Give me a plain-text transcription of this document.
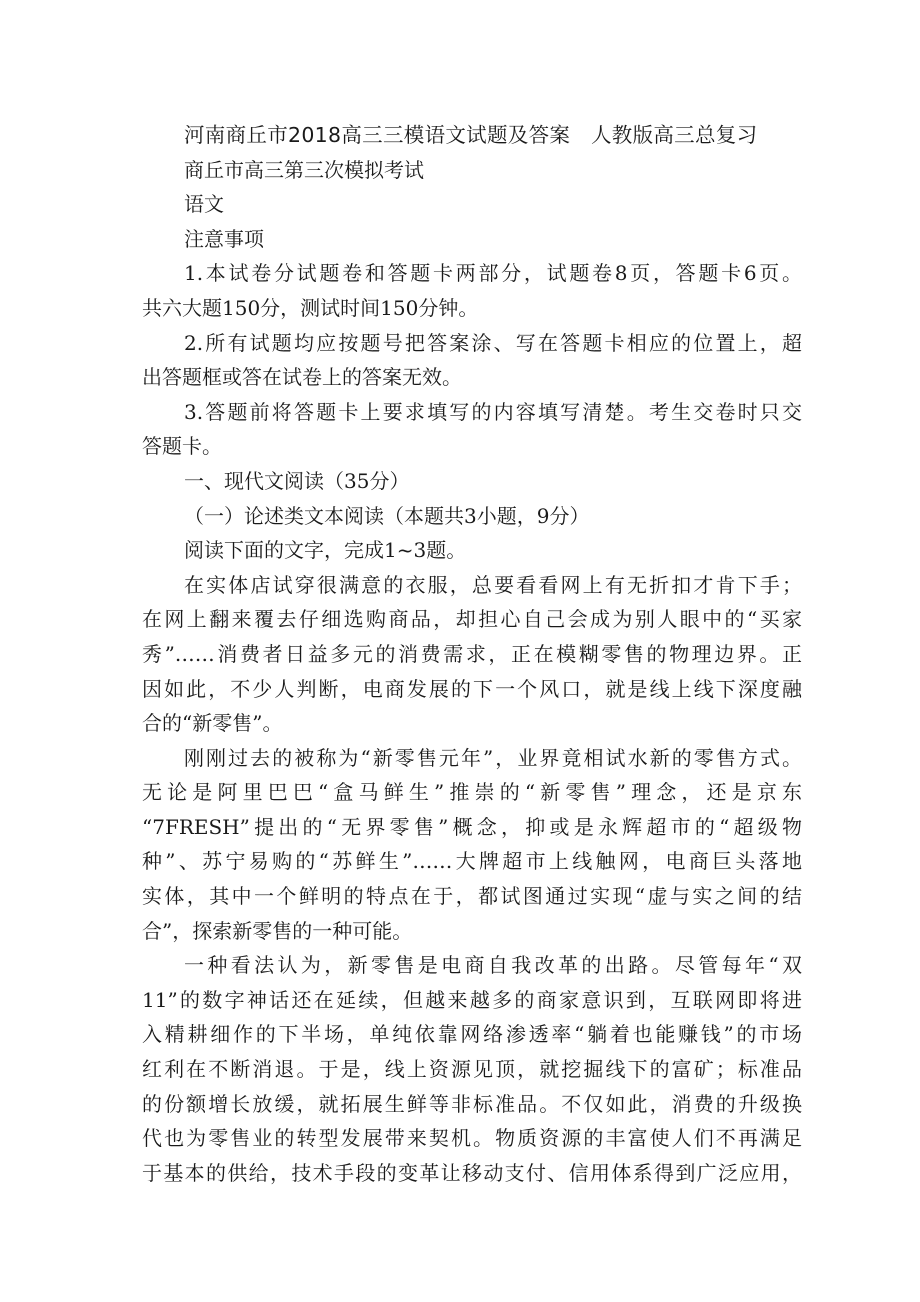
河南商丘市2018高三三模语文试题及答案　人教版高三总复习

商丘市高三第三次模拟考试

语文

注意事项

1.本试卷分试题卷和答题卡两部分，试题卷8页，答题卡6页。

共六大题150分，测试时间150分钟。

2.所有试题均应按题号把答案涂、写在答题卡相应的位置上，超

出答题框或答在试卷上的答案无效。

3.答题前将答题卡上要求填写的内容填写清楚。考生交卷时只交

答题卡。

一、现代文阅读（35分）

（一）论述类文本阅读（本题共3小题，9分）

阅读下面的文字，完成1~3题。

在实体店试穿很满意的衣服，总要看看网上有无折扣才肯下手；

在网上翻来覆去仔细选购商品，却担心自己会成为别人眼中的“买家

秀”……消费者日益多元的消费需求，正在模糊零售的物理边界。正

因如此，不少人判断，电商发展的下一个风口，就是线上线下深度融

合的“新零售”。

刚刚过去的被称为“新零售元年”，业界竟相试水新的零售方式。

无论是阿里巴巴“盒马鲜生”推崇的“新零售”理念，还是京东

“7FRESH”提出的“无界零售”概念，抑或是永辉超市的“超级物

种”、苏宁易购的“苏鲜生”……大牌超市上线触网，电商巨头落地

实体，其中一个鲜明的特点在于，都试图通过实现“虚与实之间的结

合”，探索新零售的一种可能。

一种看法认为，新零售是电商自我改革的出路。尽管每年“双

11”的数字神话还在延续，但越来越多的商家意识到，互联网即将进

入精耕细作的下半场，单纯依靠网络渗透率“躺着也能赚钱”的市场

红利在不断消退。于是，线上资源见顶，就挖掘线下的富矿；标准品

的份额增长放缓，就拓展生鲜等非标准品。不仅如此，消费的升级换

代也为零售业的转型发展带来契机。物质资源的丰富使人们不再满足

于基本的供给，技术手段的变革让移动支付、信用体系得到广泛应用，
